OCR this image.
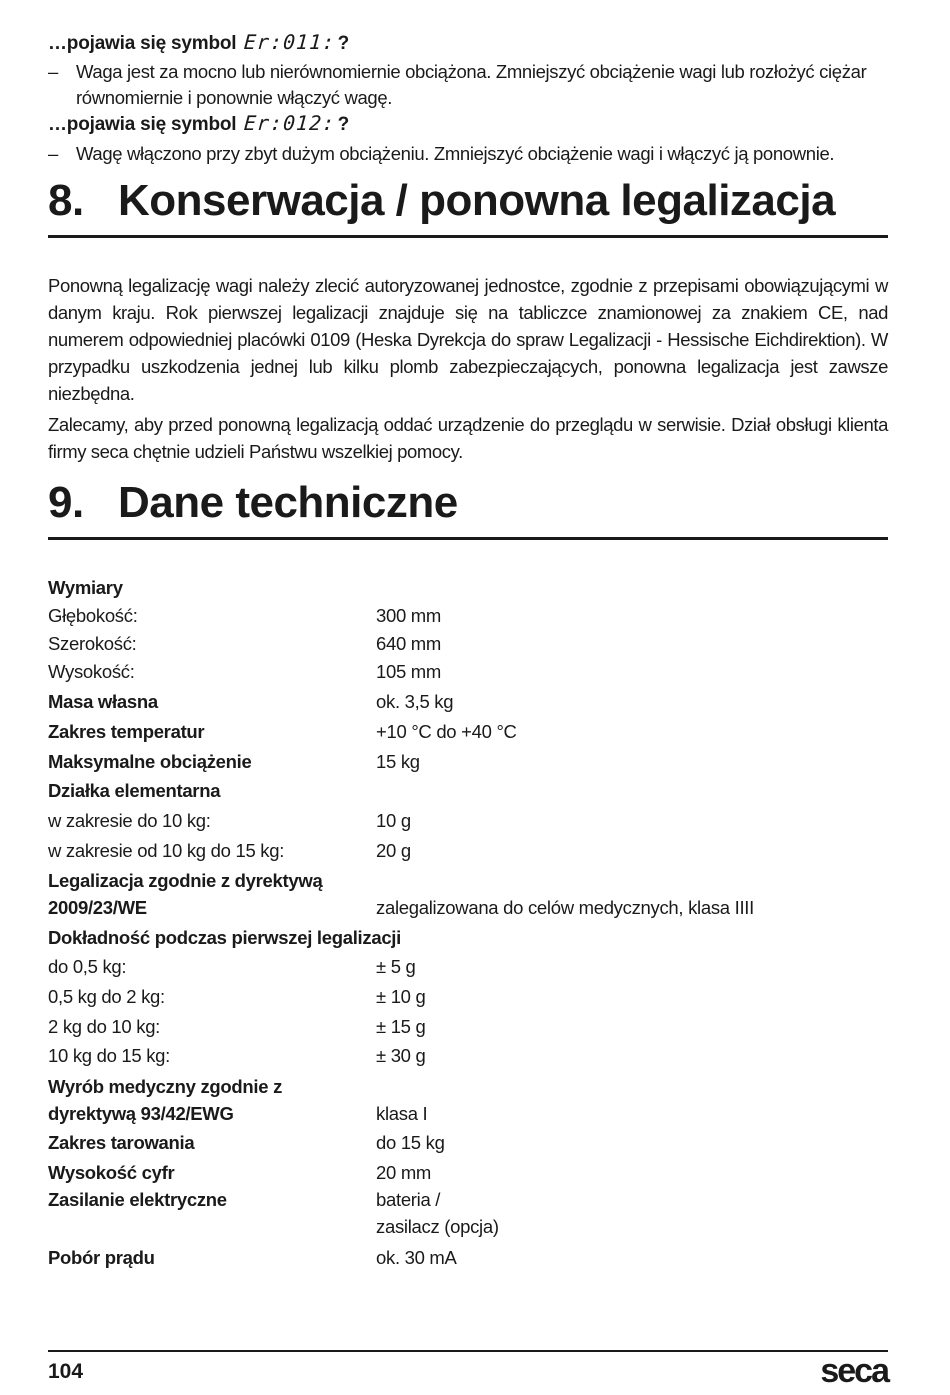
…pojawia się symbol Er:011:?
– Waga jest za mocno lub nierównomiernie obciążona. Zmniejszyć obciążenie wagi lub rozłożyć ciężar równomiernie i ponownie włączyć wagę.
…pojawia się symbol Er:012:?
– Wagę włączono przy zbyt dużym obciążeniu. Zmniejszyć obciążenie wagi i włączyć ją ponownie.
8. Konserwacja / ponowna legalizacja

Ponowną legalizację wagi należy zlecić autoryzowanej jednostce, zgodnie z przepisami obowiązującymi w danym kraju. Rok pierwszej legalizacji znajduje się na tabliczce znamionowej za znakiem CE, nad numerem odpowiedniej placówki 0109 (Heska Dyrekcja do spraw Legalizacji - Hessische Eichdirektion). W przypadku uszkodzenia jednej lub kilku plomb zabezpieczających, ponowna legalizacja jest zawsze niezbędna.

Zalecamy, aby przed ponowną legalizacją oddać urządzenie do przeglądu w serwisie. Dział obsługi klienta firmy seca chętnie udzieli Państwu wszelkiej pomocy.

9. Dane techniczne
Wymiary
Głębokość:	300 mm
Szerokość:	640 mm
Wysokość:	105 mm
Masa własna	ok. 3,5 kg
Zakres temperatur	+10 °C do +40 °C
Maksymalne obciążenie	15 kg
Działka elementarna
w zakresie do 10 kg:	10 g
w zakresie od 10 kg do 15 kg:	20 g
Legalizacja zgodnie z dyrektywą
2009/23/WE	zalegalizowana do celów medycznych, klasa IIII
Dokładność podczas pierwszej legalizacji
do 0,5 kg:	± 5 g
0,5 kg do 2 kg:	± 10 g
2 kg do 10 kg:	± 15 g
10 kg do 15 kg:	± 30 g
Wyrób medyczny zgodnie z
dyrektywą 93/42/EWG	klasa I
Zakres tarowania	do 15 kg
Wysokość cyfr	20 mm
Zasilanie elektryczne	bateria /
zasilacz (opcja)
Pobór prądu	ok. 30 mA
104	seca
